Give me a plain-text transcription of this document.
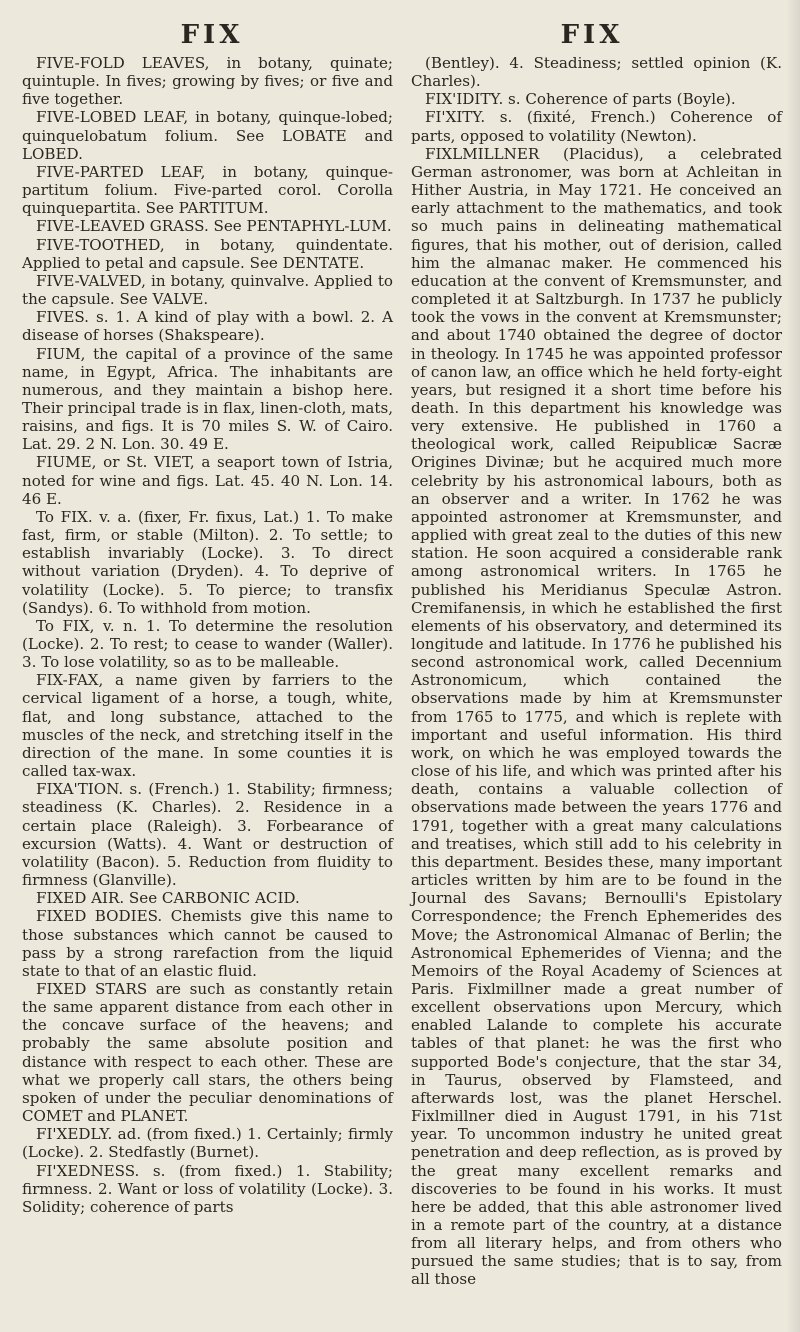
FIX	FIX

FIVE-FOLD LEAVES, in botany, quinate; quintuple. In fives; growing by fives; or five and five together.

FIVE-LOBED LEAF, in botany, quinque-lobed; quinquelobatum folium. See LOBATE and LOBED.

FIVE-PARTED LEAF, in botany, quinque-partitum folium. Five-parted corol. Corolla quinquepartita. See PARTITUM.

FIVE-LEAVED GRASS. See PENTAPHYL-LUM.

FIVE-TOOTHED, in botany, quindentate. Applied to petal and capsule. See DENTATE.

FIVE-VALVED, in botany, quinvalve. Applied to the capsule. See VALVE.

FIVES. s. 1. A kind of play with a bowl. 2. A disease of horses (Shakspeare).

FIUM, the capital of a province of the same name, in Egypt, Africa. The inhabitants are numerous, and they maintain a bishop here. Their principal trade is in flax, linen-cloth, mats, raisins, and figs. It is 70 miles S. W. of Cairo. Lat. 29. 2 N. Lon. 30. 49 E.

FIUME, or St. VIET, a seaport town of Istria, noted for wine and figs. Lat. 45. 40 N. Lon. 14. 46 E.

To FIX. v. a. (fixer, Fr. fixus, Lat.) 1. To make fast, firm, or stable (Milton). 2. To settle; to establish invariably (Locke). 3. To direct without variation (Dryden). 4. To deprive of volatility (Locke). 5. To pierce; to transfix (Sandys). 6. To withhold from motion.

To FIX, v. n. 1. To determine the resolution (Locke). 2. To rest; to cease to wander (Waller). 3. To lose volatility, so as to be malleable.

FIX-FAX, a name given by farriers to the cervical ligament of a horse, a tough, white, flat, and long substance, attached to the muscles of the neck, and stretching itself in the direction of the mane. In some counties it is called tax-wax.

FIXA'TION. s. (French.) 1. Stability; firmness; steadiness (K. Charles). 2. Residence in a certain place (Raleigh). 3. Forbearance of excursion (Watts). 4. Want or destruction of volatility (Bacon). 5. Reduction from fluidity to firmness (Glanville).

FIXED AIR. See CARBONIC ACID.

FIXED BODIES. Chemists give this name to those substances which cannot be caused to pass by a strong rarefaction from the liquid state to that of an elastic fluid.

FIXED STARS are such as constantly retain the same apparent distance from each other in the concave surface of the heavens; and probably the same absolute position and distance with respect to each other. These are what we properly call stars, the others being spoken of under the peculiar denominations of COMET and PLANET.

FI'XEDLY. ad. (from fixed.) 1. Certainly; firmly (Locke). 2. Stedfastly (Burnet).

FI'XEDNESS. s. (from fixed.) 1. Stability; firmness. 2. Want or loss of volatility (Locke). 3. Solidity; coherence of parts

(Bentley). 4. Steadiness; settled opinion (K. Charles).

FIX'IDITY. s. Coherence of parts (Boyle).

FI'XITY. s. (fixité, French.) Coherence of parts, opposed to volatility (Newton).

FIXLMILLNER (Placidus), a celebrated German astronomer, was born at Achleitan in Hither Austria, in May 1721. He conceived an early attachment to the mathematics, and took so much pains in delineating mathematical figures, that his mother, out of derision, called him the almanac maker. He commenced his education at the convent of Kremsmunster, and completed it at Saltzburgh. In 1737 he publicly took the vows in the convent at Kremsmunster; and about 1740 obtained the degree of doctor in theology. In 1745 he was appointed professor of canon law, an office which he held forty-eight years, but resigned it a short time before his death. In this department his knowledge was very extensive. He published in 1760 a theological work, called Reipublicæ Sacræ Origines Divinæ; but he acquired much more celebrity by his astronomical labours, both as an observer and a writer. In 1762 he was appointed astronomer at Kremsmunster, and applied with great zeal to the duties of this new station. He soon acquired a considerable rank among astronomical writers. In 1765 he published his Meridianus Speculæ Astron. Cremifanensis, in which he established the first elements of his observatory, and determined its longitude and latitude. In 1776 he published his second astronomical work, called Decennium Astronomicum, which contained the observations made by him at Kremsmunster from 1765 to 1775, and which is replete with important and useful information. His third work, on which he was employed towards the close of his life, and which was printed after his death, contains a valuable collection of observations made between the years 1776 and 1791, together with a great many calculations and treatises, which still add to his celebrity in this department. Besides these, many important articles written by him are to be found in the Journal des Savans; Bernoulli's Epistolary Correspondence; the French Ephemerides des Move; the Astronomical Almanac of Berlin; the Astronomical Ephemerides of Vienna; and the Memoirs of the Royal Academy of Sciences at Paris. Fixlmillner made a great number of excellent observations upon Mercury, which enabled Lalande to complete his accurate tables of that planet: he was the first who supported Bode's conjecture, that the star 34, in Taurus, observed by Flamsteed, and afterwards lost, was the planet Herschel. Fixlmillner died in August 1791, in his 71st year. To uncommon industry he united great penetration and deep reflection, as is proved by the great many excellent remarks and discoveries to be found in his works. It must here be added, that this able astronomer lived in a remote part of the country, at a distance from all literary helps, and from others who pursued the same studies; that is to say, from all those
